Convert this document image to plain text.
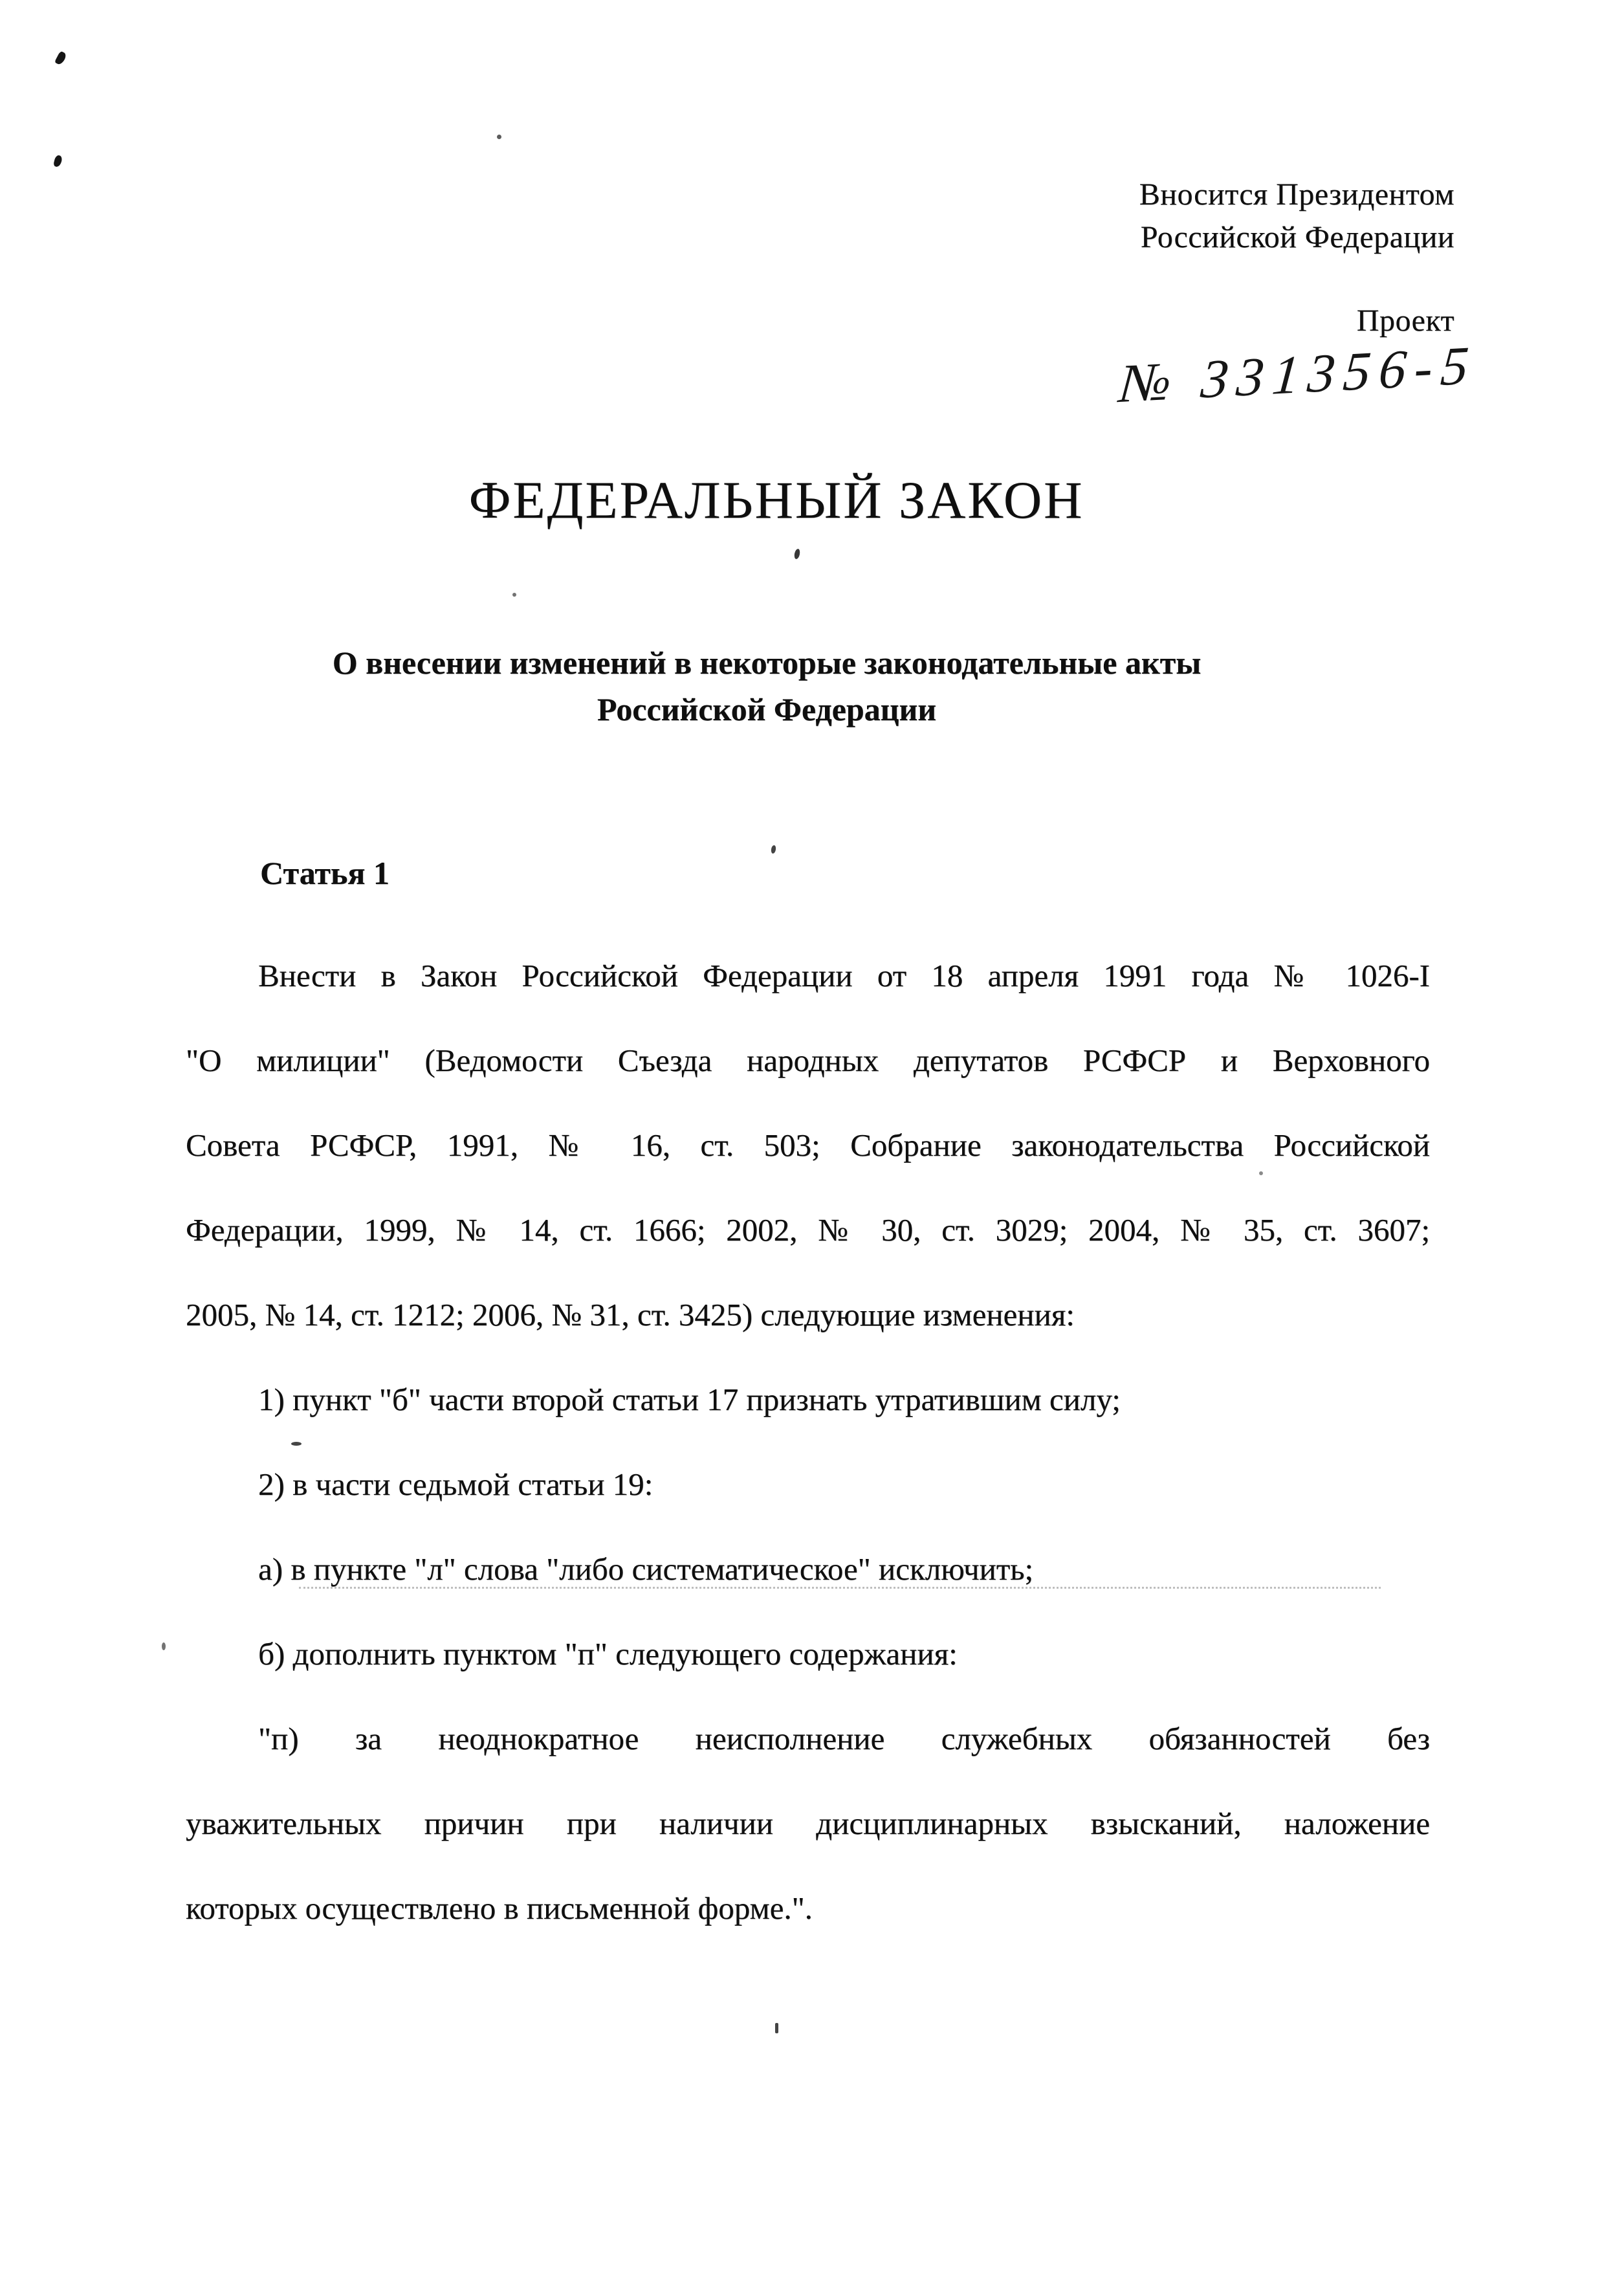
Вносится Президентом
Российской Федерации
Проект
№ 331356-5
ФЕДЕРАЛЬНЫЙ ЗАКОН
О внесении изменений в некоторые законодательные акты
Российской Федерации
Статья 1
Внести в Закон Российской Федерации от 18 апреля 1991 года № 1026-I
"О милиции" (Ведомости Съезда народных депутатов РСФСР и Верховного
Совета РСФСР, 1991, № 16, ст. 503; Собрание законодательства Российской
Федерации, 1999, № 14, ст. 1666; 2002, № 30, ст. 3029; 2004, № 35, ст. 3607;
2005, № 14, ст. 1212; 2006, № 31, ст. 3425) следующие изменения:
1) пункт "б" части второй статьи 17 признать утратившим силу;
2) в части седьмой статьи 19:
а) в пункте "л" слова "либо систематическое" исключить;
б) дополнить пунктом "п" следующего содержания:
"п) за неоднократное неисполнение служебных обязанностей без
уважительных причин при наличии дисциплинарных взысканий, наложение
которых осуществлено в письменной форме.".
